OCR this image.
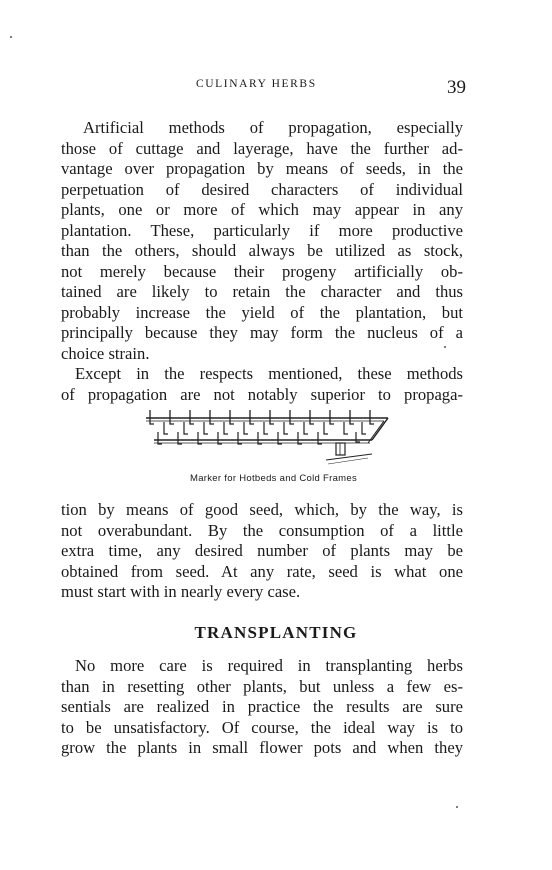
CULINARY HERBS	39
Artificial methods of propagation, especially
those of cuttage and layerage, have the further ad-
vantage over propagation by means of seeds, in the
perpetuation of desired characters of individual
plants, one or more of which may appear in any
plantation. These, particularly if more productive
than the others, should always be utilized as stock,
not merely because their progeny artificially ob-
tained are likely to retain the character and thus
probably increase the yield of the plantation, but
principally because they may form the nucleus of a
choice strain.
Except in the respects mentioned, these methods
of propagation are not notably superior to propaga-
Marker for Hotbeds and Cold Frames
tion by means of good seed, which, by the way, is
not overabundant. By the consumption of a little
extra time, any desired number of plants may be
obtained from seed. At any rate, seed is what one
must start with in nearly every case.
TRANSPLANTING
No more care is required in transplanting herbs
than in resetting other plants, but unless a few es-
sentials are realized in practice the results are sure
to be unsatisfactory. Of course, the ideal way is to
grow the plants in small flower pots and when they
